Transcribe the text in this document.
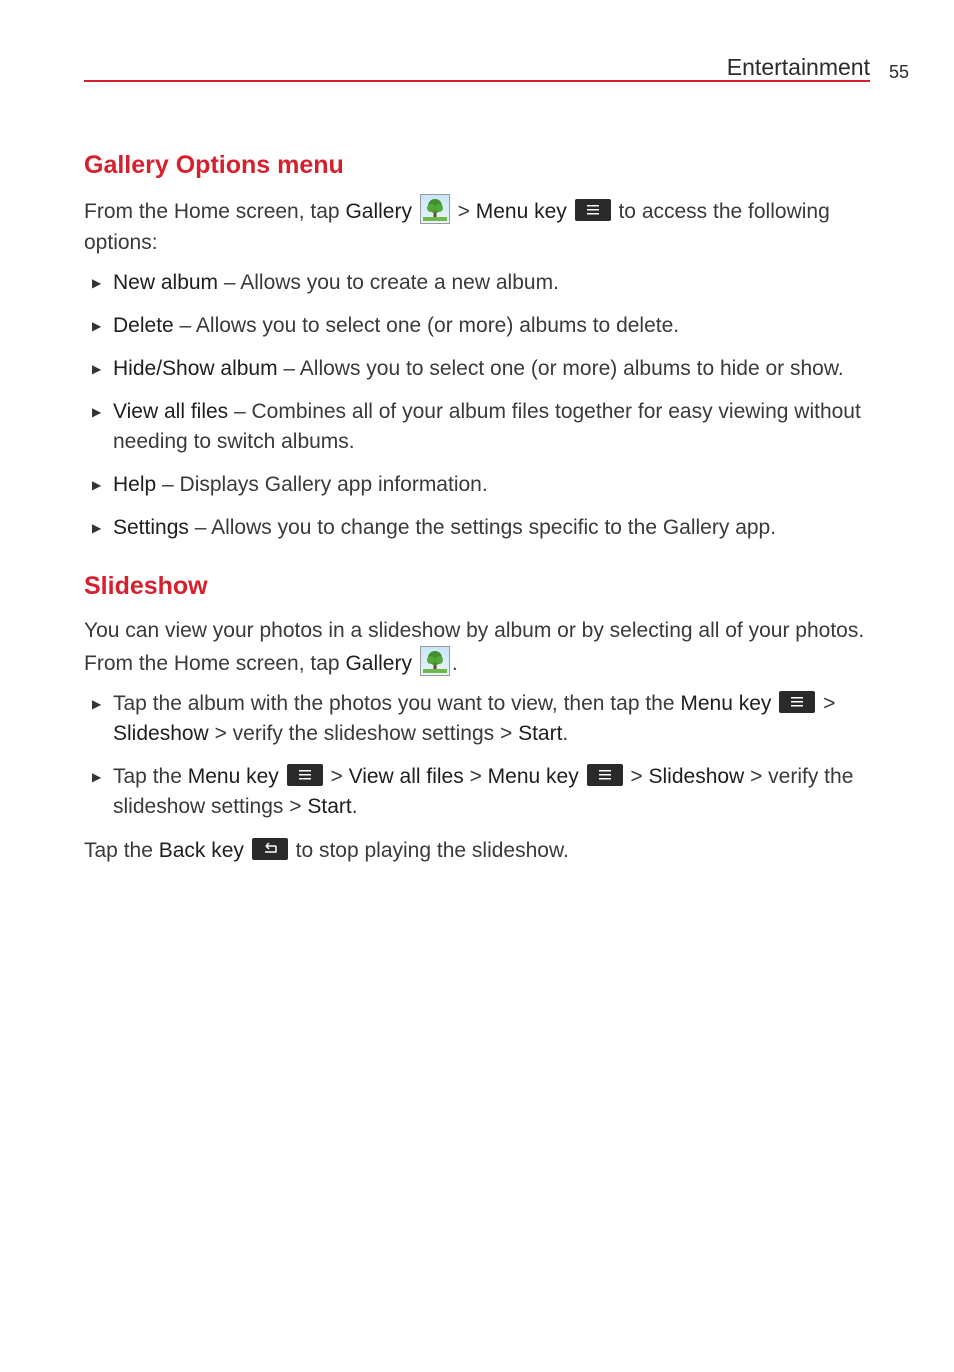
Entertainment 55
Gallery Options menu

From the Home screen, tap Gallery
> Menu key
to access the following options:

▶ New album – Allows you to create a new album.
▶ Delete – Allows you to select one (or more) albums to delete.
▶ Hide/Show album – Allows you to select one (or more) albums to hide or show.
▶ View all files – Combines all of your album files together for easy viewing without needing to switch albums.
▶ Help – Displays Gallery app information.
▶ Settings – Allows you to change the settings specific to the Gallery app.
Slideshow

You can view your photos in a slideshow by album or by selecting all of your photos. From the Home screen, tap Gallery .

▶ Tap the album with the photos you want to view, then tap the Menu key
> Slideshow > verify the slideshow settings > Start.
▶ Tap the Menu key
> View all files > Menu key
> Slideshow > verify the slideshow settings > Start.

Tap the Back key
to stop playing the slideshow.
